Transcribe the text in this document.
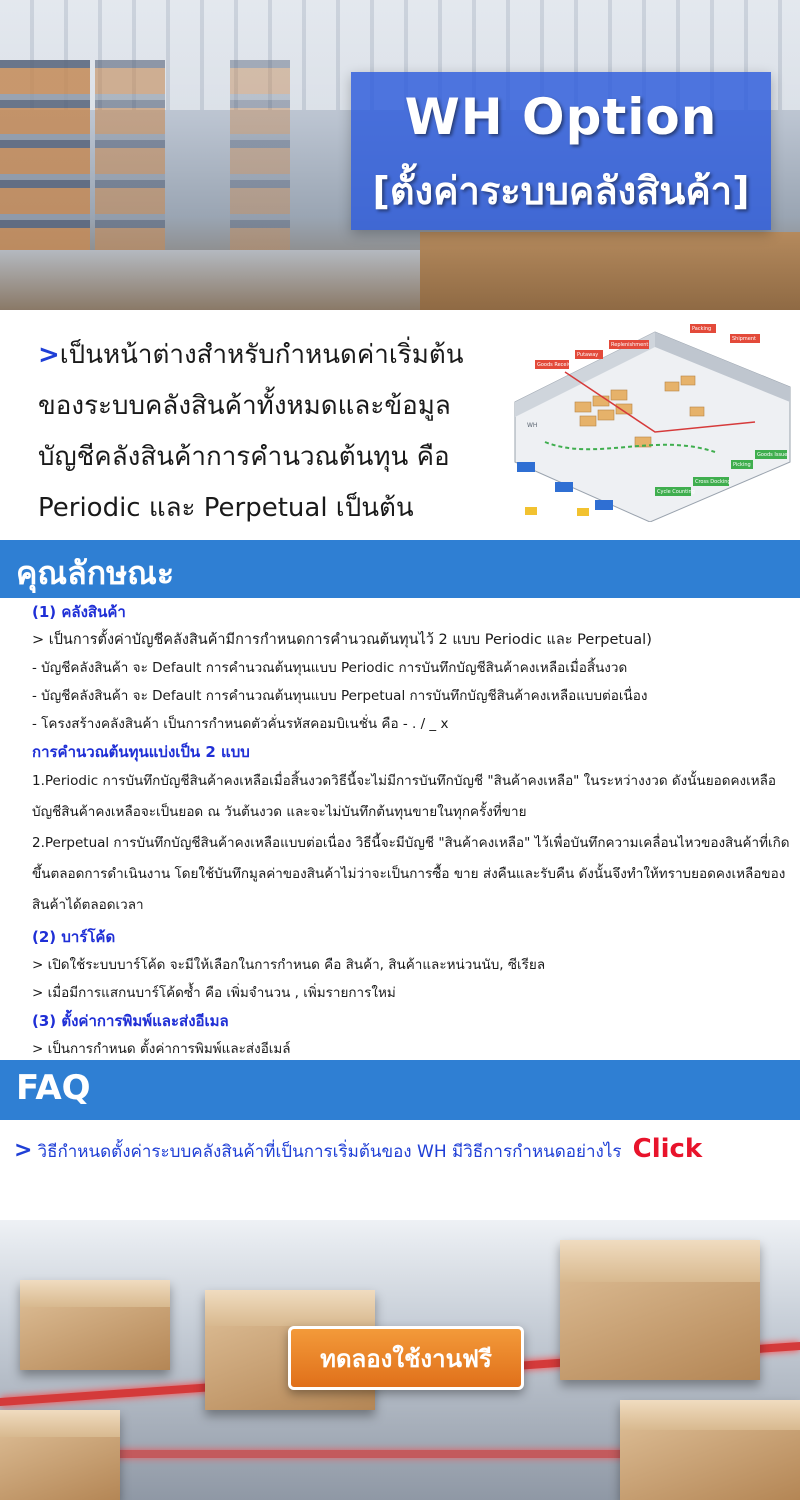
WH Option
[ตั้งค่าระบบคลังสินค้า]

>เป็นหน้าต่างสำหรับกำหนดค่าเริ่มต้น

ของระบบคลังสินค้าทั้งหมดและข้อมูล

บัญชีคลังสินค้าการคำนวณต้นทุน คือ

Periodic และ Perpetual เป็นต้น

Goods Receive
Putaway
Replenishment
Packing
Shipment
Cycle Counting
Cross Docking
Picking
Goods Issue
WH
คุณลักษณะ
(1) คลังสินค้า
> เป็นการตั้งค่าบัญชีคลังสินค้ามีการกำหนดการคำนวณต้นทุนไว้ 2 แบบ Periodic และ Perpetual)
- บัญชีคลังสินค้า จะ Default การคำนวณต้นทุนแบบ Periodic การบันทึกบัญชีสินค้าคงเหลือเมื่อสิ้นงวด
- บัญชีคลังสินค้า จะ Default การคำนวณต้นทุนแบบ Perpetual การบันทึกบัญชีสินค้าคงเหลือแบบต่อเนื่อง
- โครงสร้างคลังสินค้า เป็นการกำหนดตัวคั่นรหัสคอมบิเนชั่น คือ - . / _ x
การคำนวณต้นทุนแบ่งเป็น 2 แบบ
1.Periodic การบันทึกบัญชีสินค้าคงเหลือเมื่อสิ้นงวดวิธีนี้จะไม่มีการบันทึกบัญชี "สินค้าคงเหลือ" ในระหว่างงวด ดังนั้นยอดคงเหลือบัญชีสินค้าคงเหลือจะเป็นยอด ณ วันต้นงวด และจะไม่บันทึกต้นทุนขายในทุกครั้งที่ขาย
2.Perpetual การบันทึกบัญชีสินค้าคงเหลือแบบต่อเนื่อง วิธีนี้จะมีบัญชี "สินค้าคงเหลือ" ไว้เพื่อบันทึกความเคลื่อนไหวของสินค้าที่เกิดขึ้นตลอดการดำเนินงาน โดยใช้บันทึกมูลค่าของสินค้าไม่ว่าจะเป็นการซื้อ ขาย ส่งคืนและรับคืน ดังนั้นจึงทำให้ทราบยอดคงเหลือของสินค้าได้ตลอดเวลา
(2) บาร์โค้ด
> เปิดใช้ระบบบาร์โค้ด จะมีให้เลือกในการกำหนด คือ สินค้า, สินค้าและหน่วนนับ, ซีเรียล
> เมื่อมีการแสกนบาร์โค้ดซ้ำ คือ เพิ่มจำนวน , เพิ่มรายการใหม่
(3) ตั้งค่าการพิมพ์และส่งอีเมล
> เป็นการกำหนด ตั้งค่าการพิมพ์และส่งอีเมล์
FAQ
> วิธีกำหนดตั้งค่าระบบคลังสินค้าที่เป็นการเริ่มต้นของ WH มีวิธีการกำหนดอย่างไร Click
ทดลองใช้งานฟรี
